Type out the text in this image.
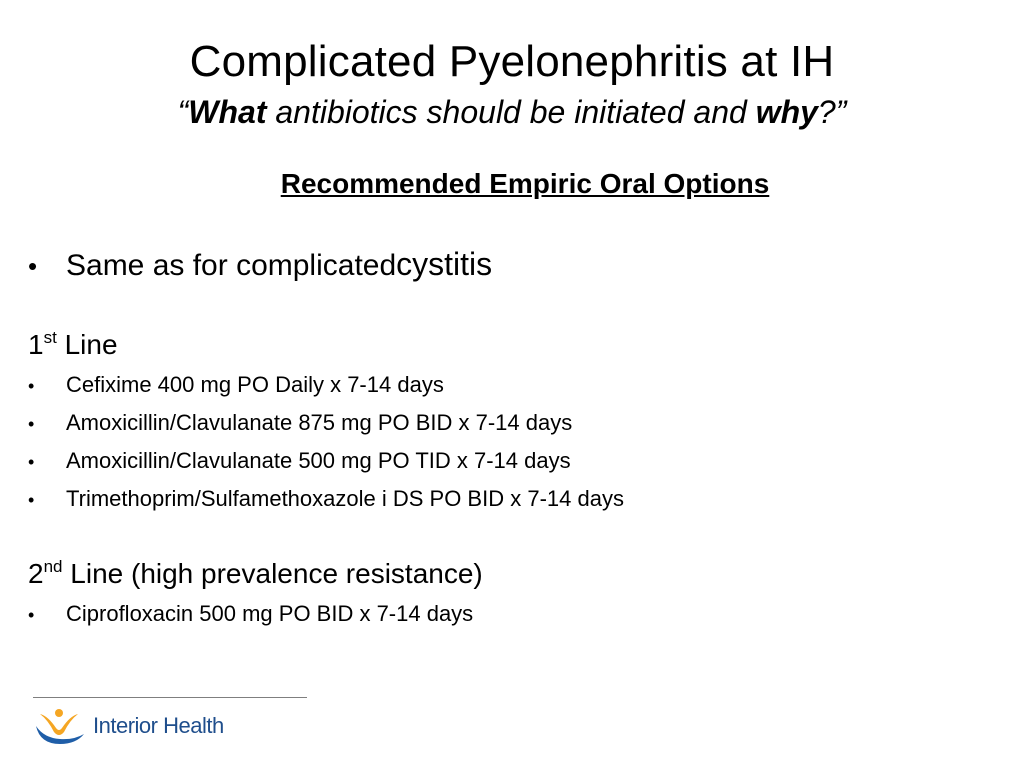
Complicated Pyelonephritis at IH
“What antibiotics should be initiated and why?”
Recommended Empiric Oral Options
• Same as for complicated cystitis
1st Line
•	Cefixime 400 mg PO Daily x 7-14 days
•	Amoxicillin/Clavulanate 875 mg PO BID x 7-14 days
•	Amoxicillin/Clavulanate 500 mg PO TID x 7-14 days
•	Trimethoprim/Sulfamethoxazole i DS PO BID x 7-14 days
2nd Line (high prevalence resistance)
•	Ciprofloxacin 500 mg PO BID x 7-14 days
Interior Health
